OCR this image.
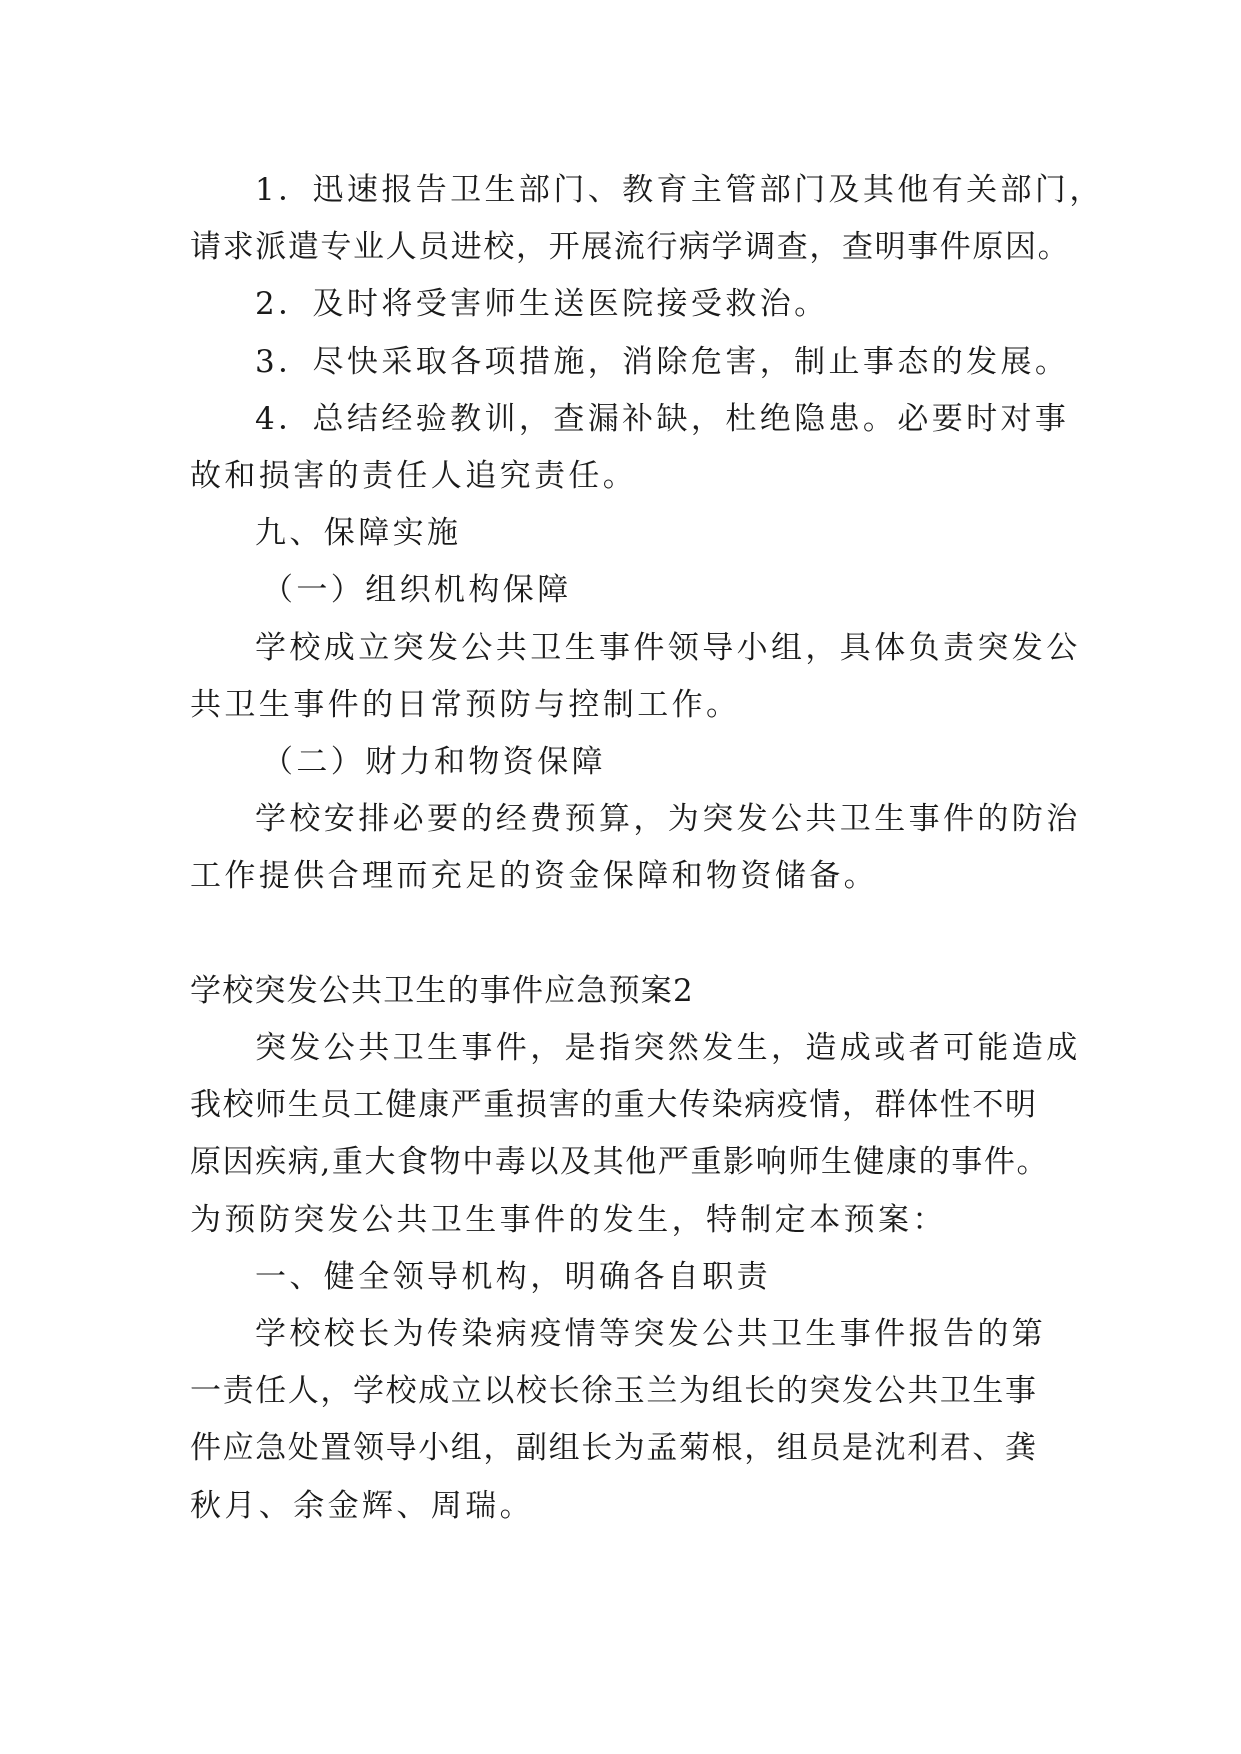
1．迅速报告卫生部门、教育主管部门及其他有关部门，
请求派遣专业人员进校，开展流行病学调查，查明事件原因。
2．及时将受害师生送医院接受救治。
3．尽快采取各项措施，消除危害，制止事态的发展。
4．总结经验教训，查漏补缺，杜绝隐患。必要时对事
故和损害的责任人追究责任。
九、保障实施
（一）组织机构保障
学校成立突发公共卫生事件领导小组，具体负责突发公
共卫生事件的日常预防与控制工作。
（二）财力和物资保障
学校安排必要的经费预算，为突发公共卫生事件的防治
工作提供合理而充足的资金保障和物资储备。
学校突发公共卫生的事件应急预案2
突发公共卫生事件，是指突然发生，造成或者可能造成
我校师生员工健康严重损害的重大传染病疫情，群体性不明
原因疾病,重大食物中毒以及其他严重影响师生健康的事件。
为预防突发公共卫生事件的发生，特制定本预案：
一、健全领导机构，明确各自职责
学校校长为传染病疫情等突发公共卫生事件报告的第
一责任人，学校成立以校长徐玉兰为组长的突发公共卫生事
件应急处置领导小组，副组长为孟菊根，组员是沈利君、龚
秋月、余金辉、周瑞。
